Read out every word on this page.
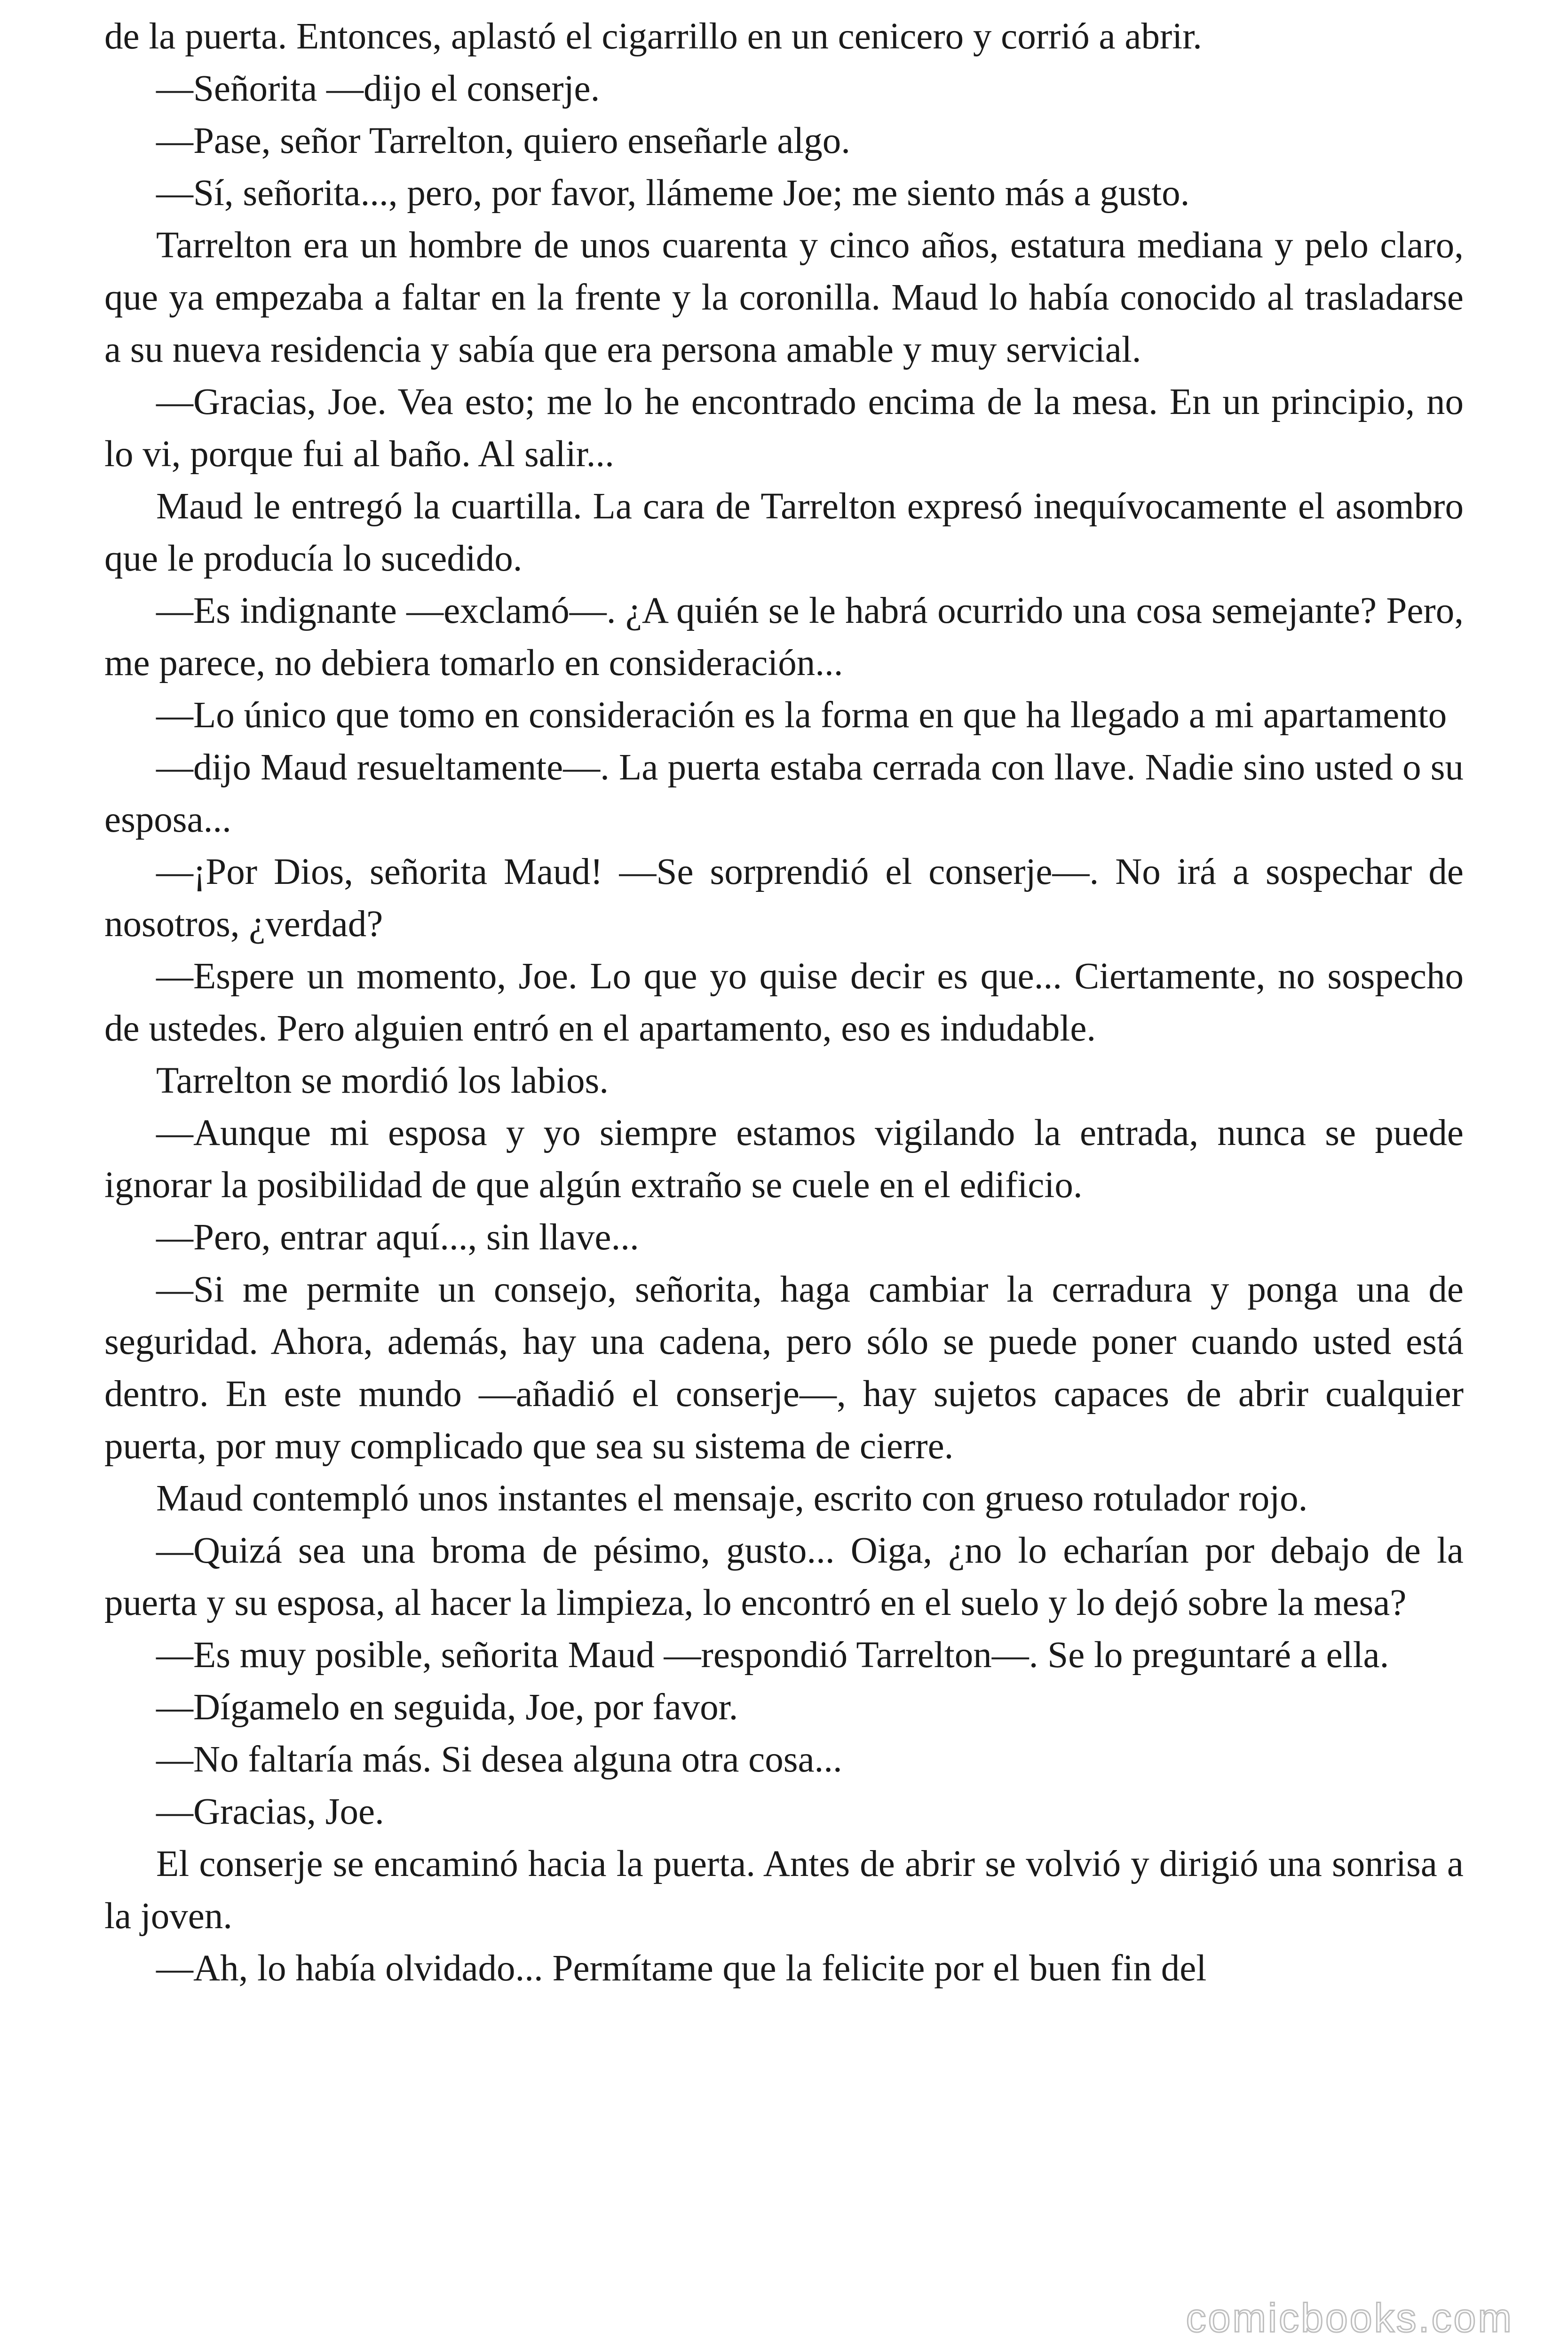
de la puerta. Entonces, aplastó el cigarrillo en un cenicero y corrió a abrir.

—Señorita —dijo el conserje.

—Pase, señor Tarrelton, quiero enseñarle algo.

—Sí, señorita..., pero, por favor, llámeme Joe; me siento más a gusto.

Tarrelton era un hombre de unos cuarenta y cinco años, estatura mediana y pelo claro, que ya empezaba a faltar en la frente y la coronilla. Maud lo había conocido al trasladarse a su nueva residencia y sabía que era persona amable y muy servicial.

—Gracias, Joe. Vea esto; me lo he encontrado encima de la mesa. En un principio, no lo vi, porque fui al baño. Al salir...

Maud le entregó la cuartilla. La cara de Tarrelton expresó inequívocamente el asombro que le producía lo sucedido.

—Es indignante —exclamó—. ¿A quién se le habrá ocurrido una cosa semejante? Pero, me parece, no debiera tomarlo en consideración...

—Lo único que tomo en consideración es la forma en que ha llegado a mi apartamento

—dijo Maud resueltamente—. La puerta estaba cerrada con llave. Nadie sino usted o su esposa...

—¡Por Dios, señorita Maud! —Se sorprendió el conserje—. No irá a sospechar de nosotros, ¿verdad?

—Espere un momento, Joe. Lo que yo quise decir es que... Ciertamente, no sospecho de ustedes. Pero alguien entró en el apartamento, eso es indudable.

Tarrelton se mordió los labios.

—Aunque mi esposa y yo siempre estamos vigilando la entrada, nunca se puede ignorar la posibilidad de que algún extraño se cuele en el edificio.

—Pero, entrar aquí..., sin llave...

—Si me permite un consejo, señorita, haga cambiar la cerradura y ponga una de seguridad. Ahora, además, hay una cadena, pero sólo se puede poner cuando usted está dentro. En este mundo —añadió el conserje—, hay sujetos capaces de abrir cualquier puerta, por muy complicado que sea su sistema de cierre.

Maud contempló unos instantes el mensaje, escrito con grueso rotulador rojo.

—Quizá sea una broma de pésimo, gusto... Oiga, ¿no lo echarían por debajo de la puerta y su esposa, al hacer la limpieza, lo encontró en el suelo y lo dejó sobre la mesa?

—Es muy posible, señorita Maud —respondió Tarrelton—. Se lo preguntaré a ella.

—Dígamelo en seguida, Joe, por favor.

—No faltaría más. Si desea alguna otra cosa...

—Gracias, Joe.

El conserje se encaminó hacia la puerta. Antes de abrir se volvió y dirigió una sonrisa a la joven.

—Ah, lo había olvidado... Permítame que la felicite por el buen fin del

comicbooks.com
